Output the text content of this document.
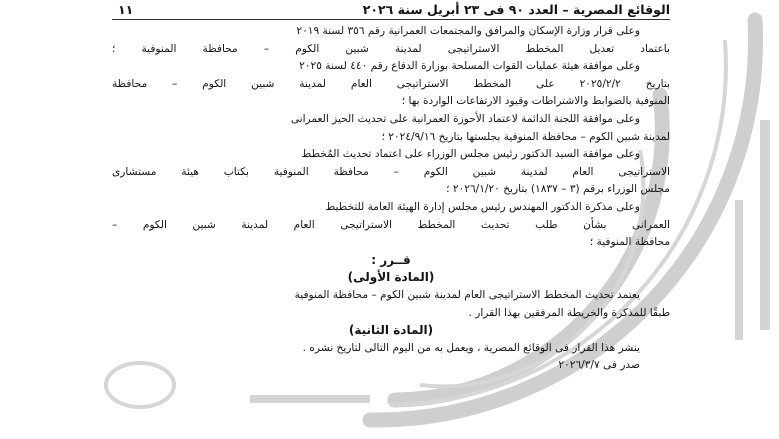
الوقائع المصرية – العدد ٩٠ فى ٢٣ أبريل سنة ٢٠٢٦
١١
وعلى قرار وزارة الإسكان والمرافق والمجتمعات العمرانية رقم ٣٥٦ لسنة ٢٠١٩
باعتماد تعديل المخطط الاستراتيجى لمدينة شبين الكوم – محافظة المنوفية ؛
وعلى موافقة هيئة عمليات القوات المسلحة بوزارة الدفاع رقم ٤٤٠ لسنة ٢٠٢٥
بتاريخ ٢٠٢٥/٢/٢ على المخطط الاستراتيجى العام لمدينة شبين الكوم – محافظة
المنوفية بالضوابط والاشتراطات وقيود الارتفاعات الواردة بها ؛
وعلى موافقة اللجنة الدائمة لاعتماد الأحوزة العمرانية على تحديث الحيز العمرانى
لمدينة شبين الكوم – محافظة المنوفية بجلستها بتاريخ ٢٠٢٤/٩/١٦ ؛
وعلى موافقة السيد الدكتور رئيس مجلس الوزراء على اعتماد تحديث المُخطط
الاستراتيجى العام لمدينة شبين الكوم – محافظة المنوفية بكتاب هيئة مستشارى
مجلس الوزراء برقم (٣ – ١٨٣٧) بتاريخ ٢٠٢٦/١/٢٠ ؛
وعلى مذكرة الدكتور المهندس رئيس مجلس إدارة الهيئة العامة للتخطيط
العمرانى بشأن طلب تحديث المخطط الاستراتيجى العام لمدينة شبين الكوم –
محافظة المنوفية ؛
قــرر :
(المادة الأولى)
يعتمد تحديث المخطط الاستراتيجى العام لمدينة شبين الكوم – محافظة المنوفية
طبقًا للمذكرة والخريطة المرفقين بهذا القرار .
(المادة الثانية)
ينشر هذا القرار فى الوقائع المصرية ، ويعمل به من اليوم التالى لتاريخ نشره .
صدر فى ٢٠٢٦/٣/٧
